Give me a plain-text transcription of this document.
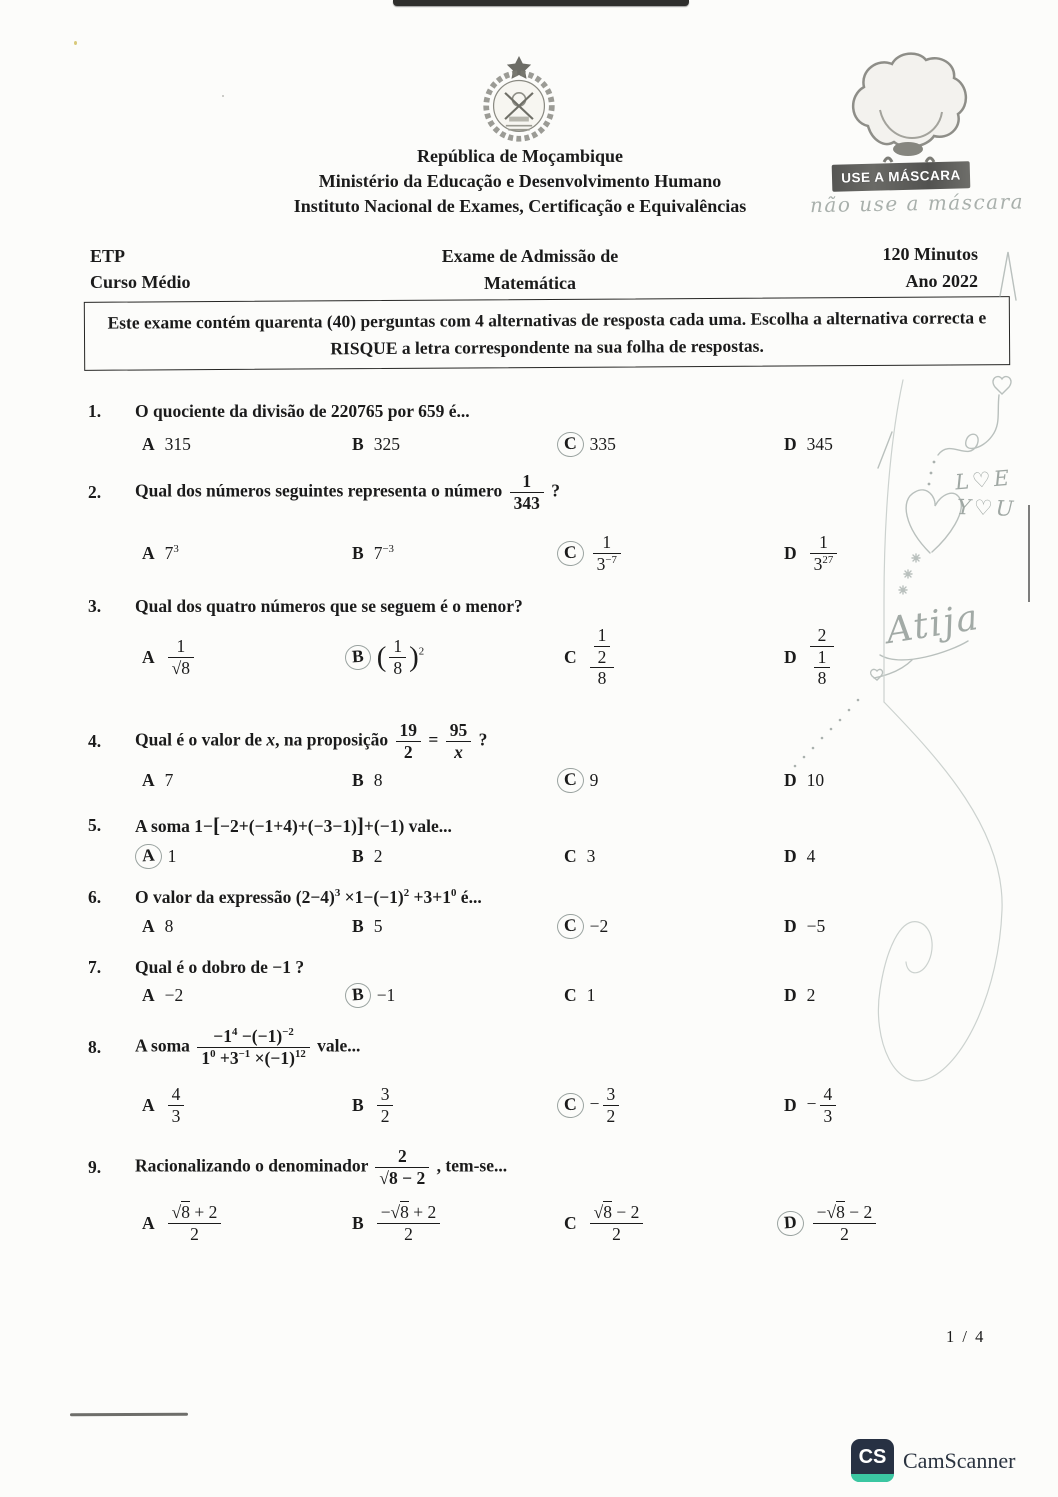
República de Moçambique
Ministério da Educação e Desenvolvimento Humano
Instituto Nacional de Exames, Certificação e Equivalências
USE A MÁSCARA
não use a máscara
ETP
Curso Médio
Exame de Admissão de
Matemática
120 Minutos
Ano 2022
Este exame contém quarenta (40) perguntas com 4 alternativas de resposta cada uma. Escolha a alternativa correcta e RISQUE a letra correspondente na sua folha de respostas.
1.	O quociente da divisão de 220765 por 659 é...
A 315	B 325	C 335	D 345
2.	Qual dos números seguintes representa o número $\frac{1}{343}$ ?
A $7^3$	B $7^{-3}$	C $\frac{1}{3^{-7}}$	D $\frac{1}{3^{27}}$
3.	Qual dos quatro números que se seguem é o menor?
A $\frac{1}{√8}$	B ( $\frac{1}{8} )^2$	C $\frac{\frac{1}{2}}{8}$	D $\frac{2}{\frac{1}{8}}$
4.	Qual é o valor de x, na proposição $\frac{19}{2} = \frac{95}{x}$ ?
A 7	B 8	C 9	D 10
5.	A soma 1−[−2+(−1+4)+(−3−1)]+(−1) vale...
A 1	B 2	C 3	D 4
6.	O valor da expressão $(2-4)^3 \times 1-(-1)^2 +3+1^0$ é...
A 8	B 5	C −2	D −5
7.	Qual é o dobro de −1 ?
A −2	B −1	C 1	D 2
8.	A soma $\frac{-1^4 -(-1)^{-2}}{1^0 +3^{-1} \times(-1)^{12}}$ vale...
A $\frac{4}{3}$	B $\frac{3}{2}$	$C - \frac{3}{2}$	$D - \frac{4}{3}$
9.	Racionalizando o denominador $\frac{2}{√8 - 2}$ , tem-se...
A $\frac{√8 + 2}{2}$	B $\frac{-√8 + 2}{2}$	C $\frac{√8 - 2}{2}$	D $\frac{-√8 - 2}{2}$
L♡E
Y♡U
Atija
1 / 4
CS CamScanner
